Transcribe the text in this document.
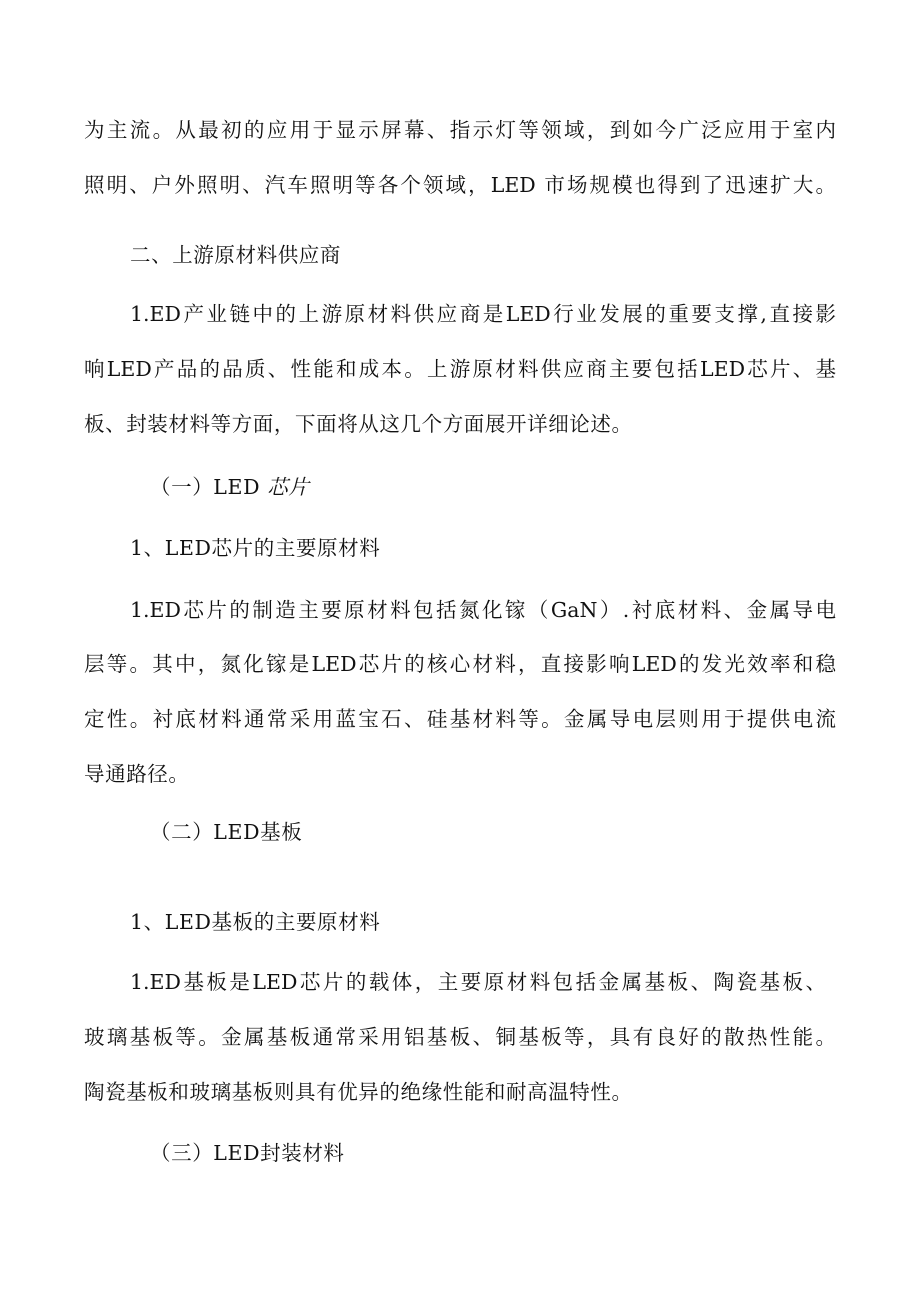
为主流。从最初的应用于显示屏幕、指示灯等领域，到如今广泛应用于室内
照明、户外照明、汽车照明等各个领域，LED 市场规模也得到了迅速扩大。
二、上游原材料供应商
1.ED产业链中的上游原材料供应商是LED行业发展的重要支撑,直接影
响LED产品的品质、性能和成本。上游原材料供应商主要包括LED芯片、基
板、封装材料等方面，下面将从这几个方面展开详细论述。
（一）LED 芯片
1、LED芯片的主要原材料
1.ED芯片的制造主要原材料包括氮化镓（GaN）.衬底材料、金属导电
层等。其中，氮化镓是LED芯片的核心材料，直接影响LED的发光效率和稳
定性。衬底材料通常采用蓝宝石、硅基材料等。金属导电层则用于提供电流
导通路径。
（二）LED基板
1、LED基板的主要原材料
1.ED基板是LED芯片的载体，主要原材料包括金属基板、陶瓷基板、
玻璃基板等。金属基板通常采用铝基板、铜基板等，具有良好的散热性能。
陶瓷基板和玻璃基板则具有优异的绝缘性能和耐高温特性。
（三）LED封装材料
